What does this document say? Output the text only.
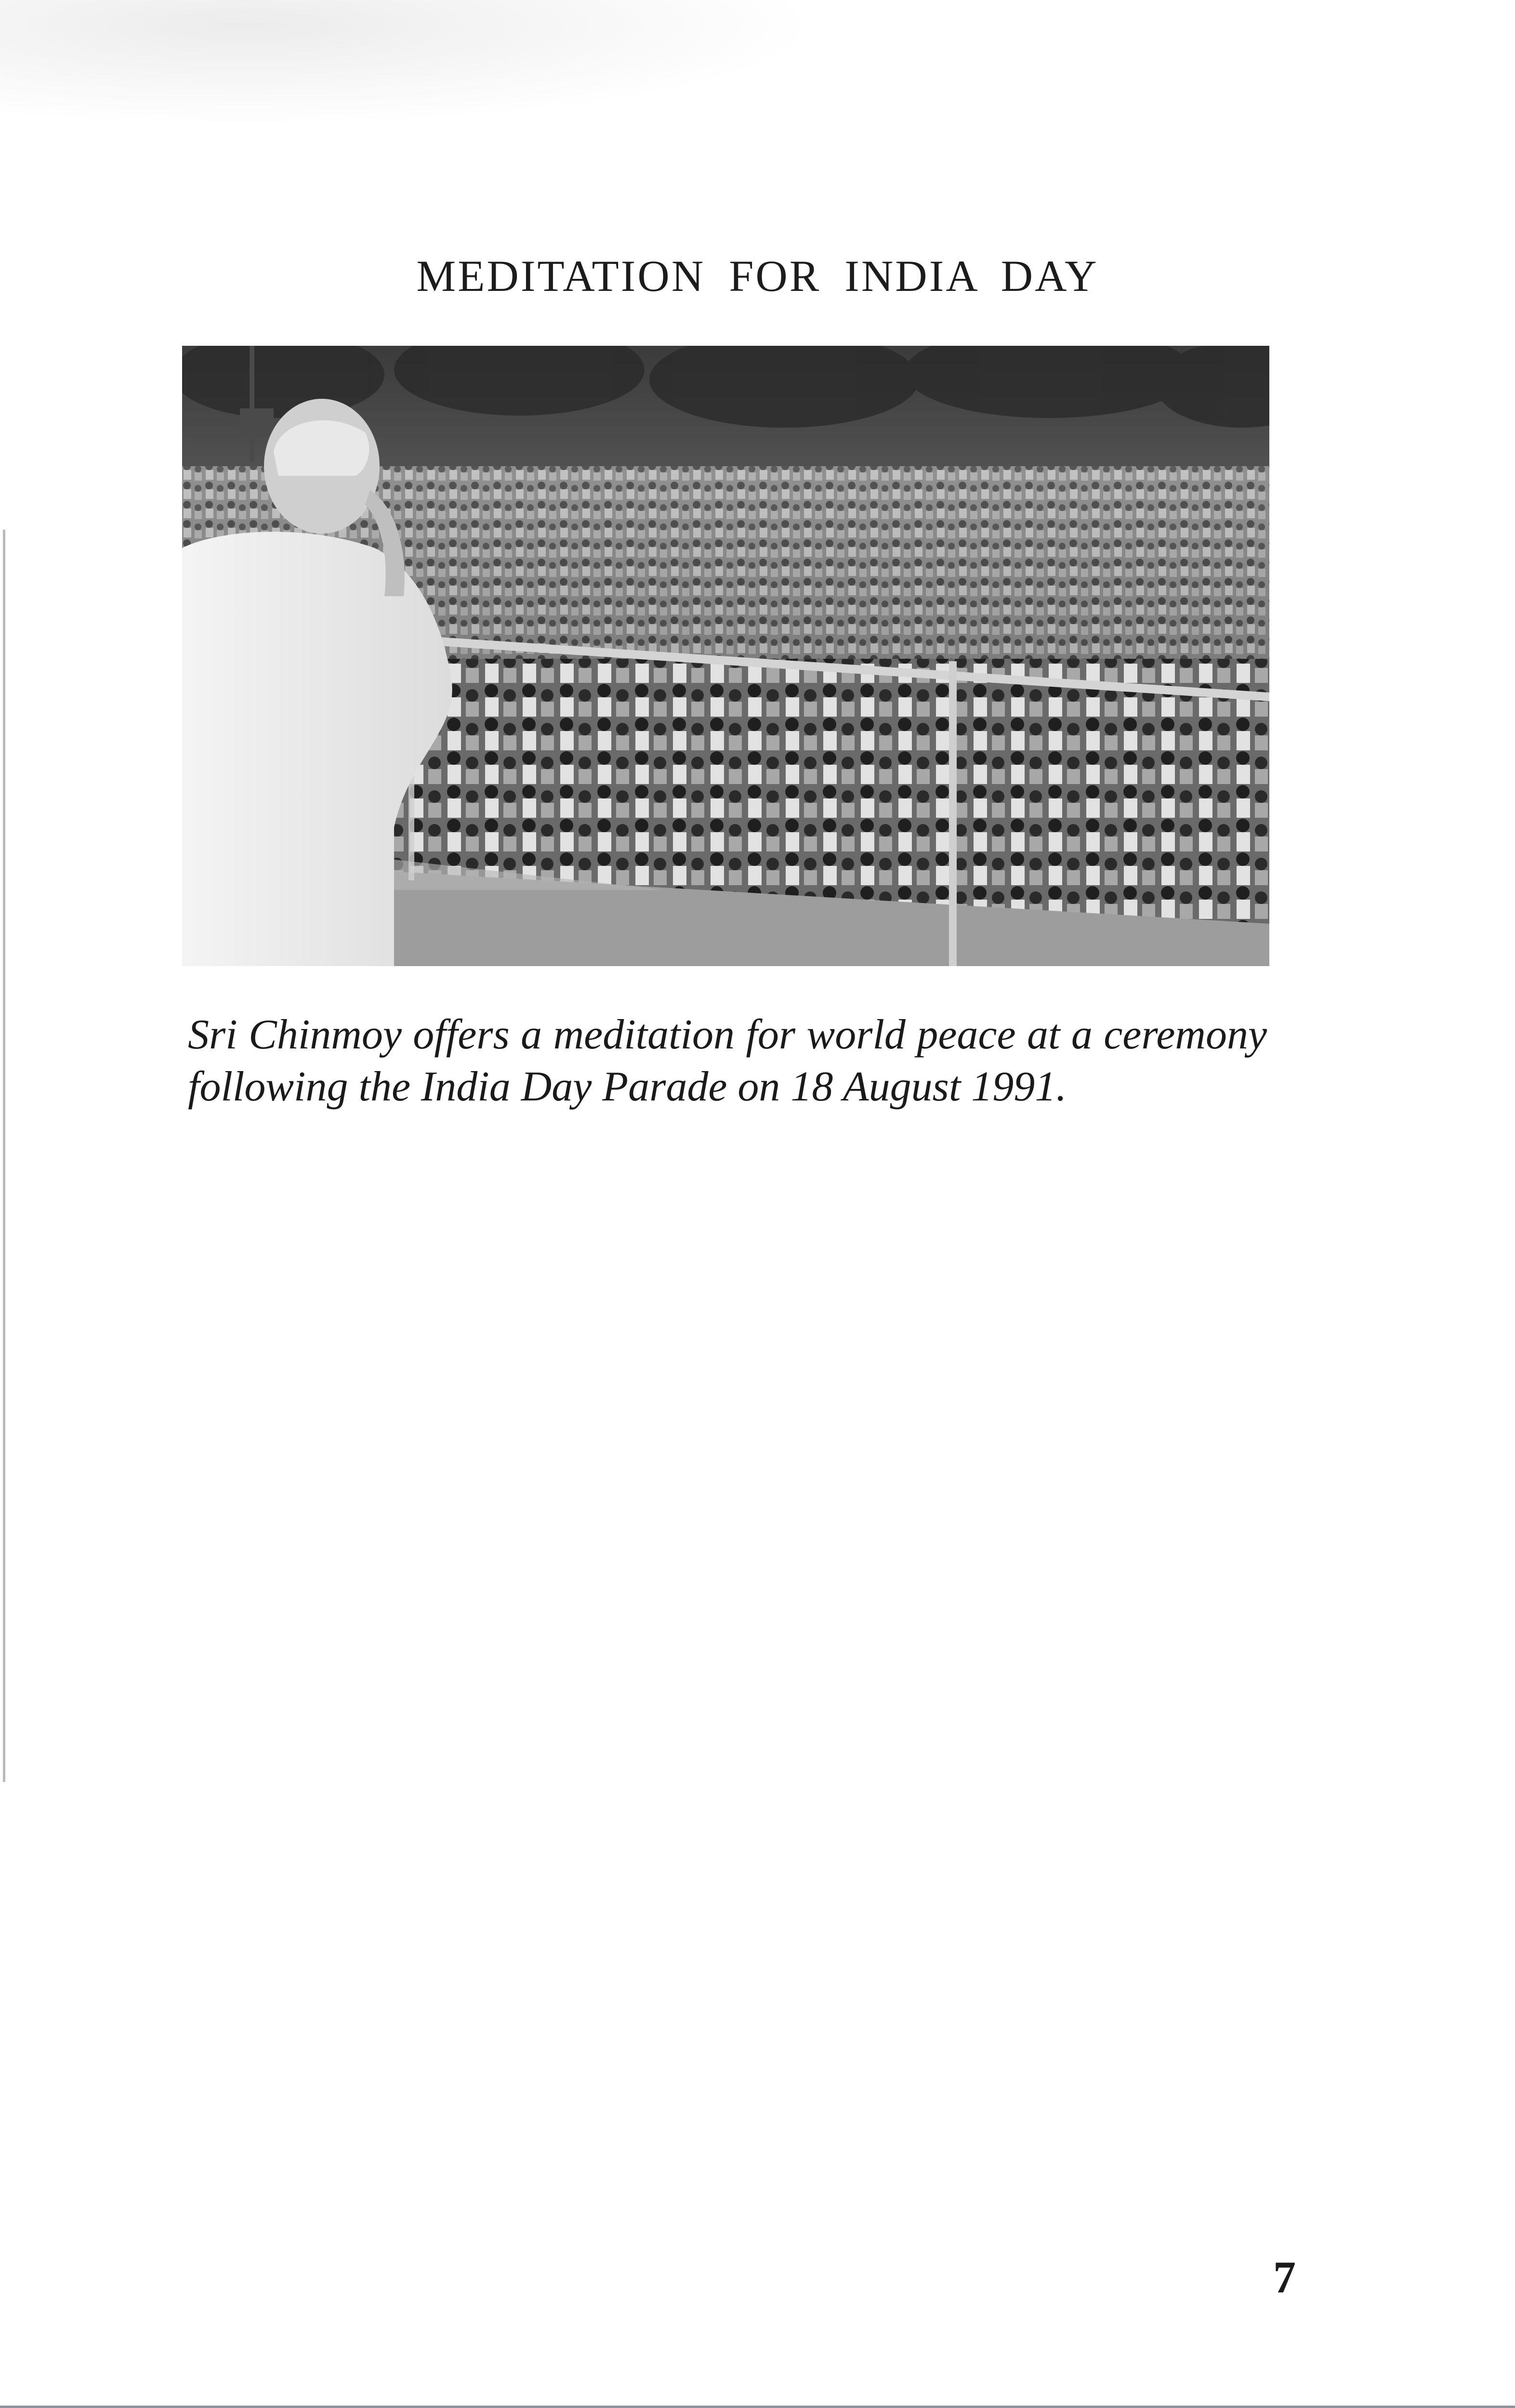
MEDITATION FOR INDIA DAY
Sri Chinmoy offers a meditation for world peace at a ceremony following the India Day Parade on 18 August 1991.
7
